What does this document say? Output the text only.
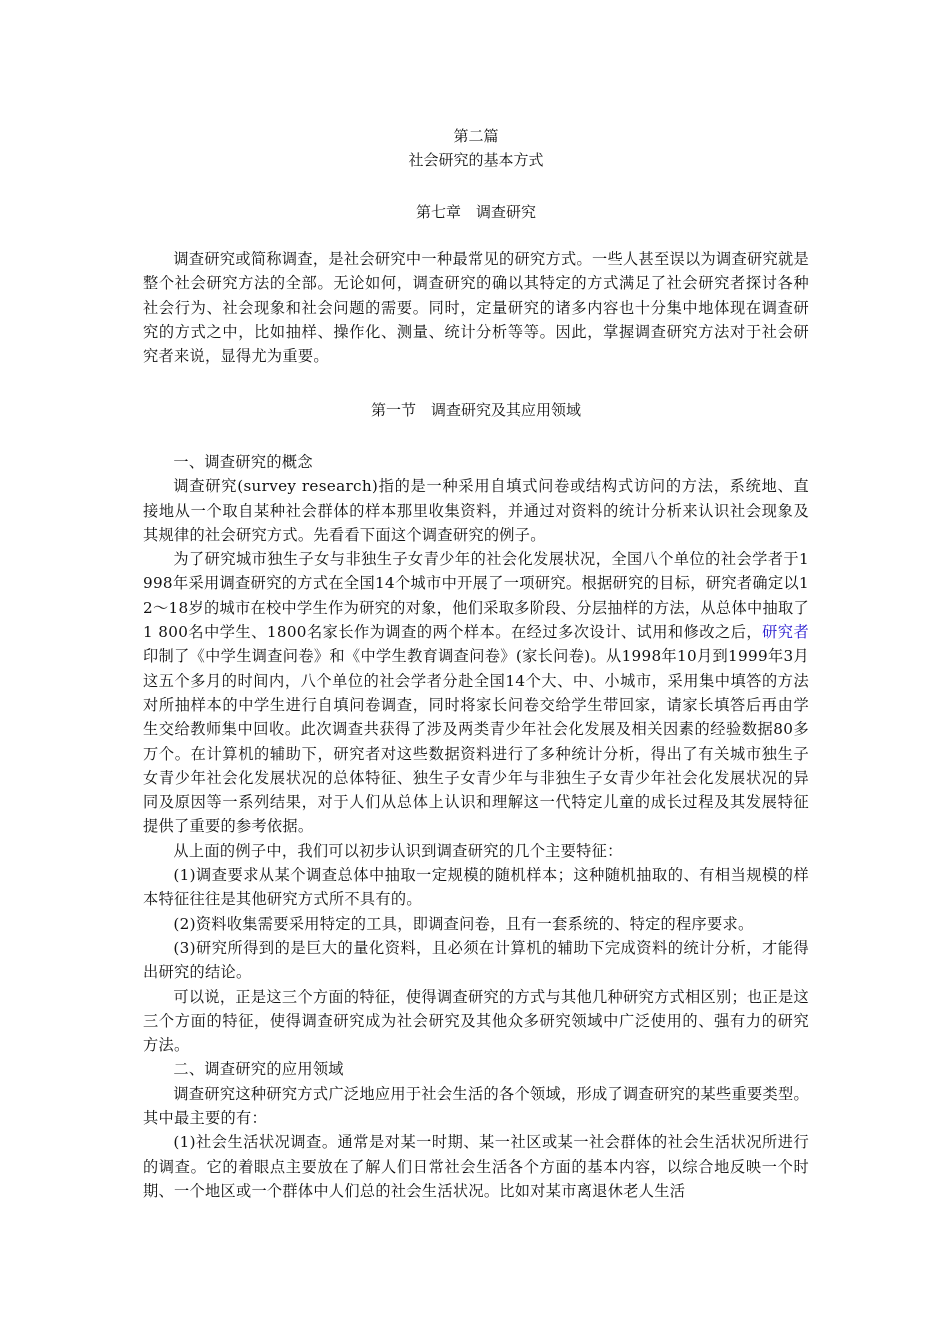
第二篇

社会研究的基本方式

第七章　调查研究

调查研究或简称调查，是社会研究中一种最常见的研究方式。一些人甚至误以为调查研究就是整个社会研究方法的全部。无论如何，调查研究的确以其特定的方式满足了社会研究者探讨各种社会行为、社会现象和社会问题的需要。同时，定量研究的诸多内容也十分集中地体现在调查研究的方式之中，比如抽样、操作化、测量、统计分析等等。因此，掌握调查研究方法对于社会研究者来说，显得尤为重要。

第一节　调查研究及其应用领域

一、调查研究的概念

调查研究(survey research)指的是一种采用自填式问卷或结构式访问的方法，系统地、直接地从一个取自某种社会群体的样本那里收集资料，并通过对资料的统计分析来认识社会现象及其规律的社会研究方式。先看看下面这个调查研究的例子。

为了研究城市独生子女与非独生子女青少年的社会化发展状况，全国八个单位的社会学者于1998年采用调查研究的方式在全国14个城市中开展了一项研究。根据研究的目标，研究者确定以12～18岁的城市在校中学生作为研究的对象，他们采取多阶段、分层抽样的方法，从总体中抽取了1 800名中学生、1800名家长作为调查的两个样本。在经过多次设计、试用和修改之后，研究者印制了《中学生调查问卷》和《中学生教育调查问卷》(家长问卷)。从1998年10月到1999年3月这五个多月的时间内，八个单位的社会学者分赴全国14个大、中、小城市，采用集中填答的方法对所抽样本的中学生进行自填问卷调查，同时将家长问卷交给学生带回家，请家长填答后再由学生交给教师集中回收。此次调查共获得了涉及两类青少年社会化发展及相关因素的经验数据80多万个。在计算机的辅助下，研究者对这些数据资料进行了多种统计分析，得出了有关城市独生子女青少年社会化发展状况的总体特征、独生子女青少年与非独生子女青少年社会化发展状况的异同及原因等一系列结果，对于人们从总体上认识和理解这一代特定儿童的成长过程及其发展特征提供了重要的参考依据。

从上面的例子中，我们可以初步认识到调查研究的几个主要特征：

(1)调查要求从某个调查总体中抽取一定规模的随机样本；这种随机抽取的、有相当规模的样本特征往往是其他研究方式所不具有的。

(2)资料收集需要采用特定的工具，即调查问卷，且有一套系统的、特定的程序要求。

(3)研究所得到的是巨大的量化资料，且必须在计算机的辅助下完成资料的统计分析，才能得出研究的结论。

可以说，正是这三个方面的特征，使得调查研究的方式与其他几种研究方式相区别；也正是这三个方面的特征，使得调查研究成为社会研究及其他众多研究领域中广泛使用的、强有力的研究方法。

二、调查研究的应用领域

调查研究这种研究方式广泛地应用于社会生活的各个领域，形成了调查研究的某些重要类型。其中最主要的有：

(1)社会生活状况调查。通常是对某一时期、某一社区或某一社会群体的社会生活状况所进行的调查。它的着眼点主要放在了解人们日常社会生活各个方面的基本内容，以综合地反映一个时期、一个地区或一个群体中人们总的社会生活状况。比如对某市离退休老人生活
